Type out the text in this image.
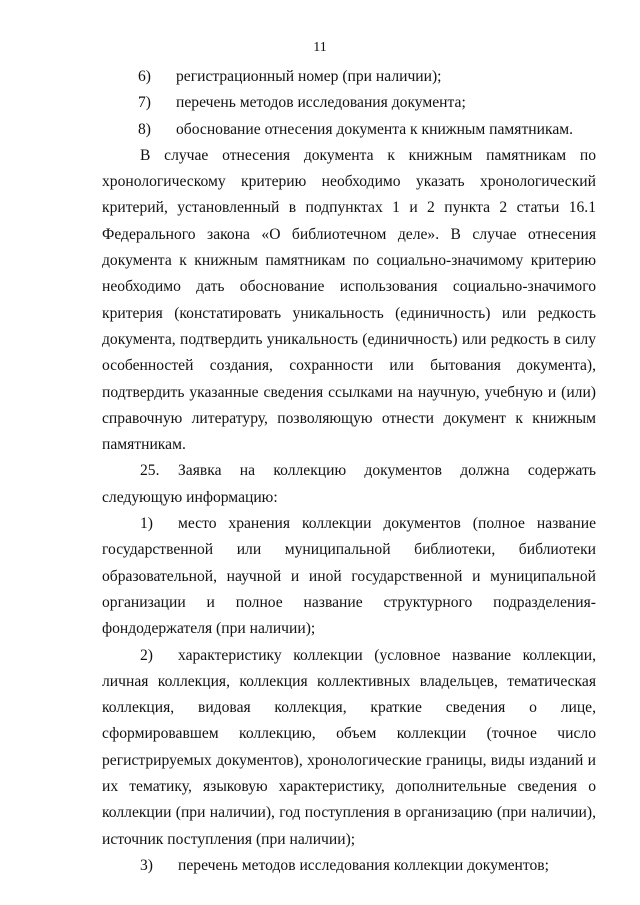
11

6) регистрационный номер (при наличии);

7) перечень методов исследования документа;

8) обоснование отнесения документа к книжным памятникам.

В случае отнесения документа к книжным памятникам по хронологическому критерию необходимо указать хронологический критерий, установленный в подпунктах 1 и 2 пункта 2 статьи 16.1 Федерального закона «О библиотечном деле». В случае отнесения документа к книжным памятникам по социально-значимому критерию необходимо дать обоснование использования социально-значимого критерия (констатировать уникальность (единичность) или редкость документа, подтвердить уникальность (единичность) или редкость в силу особенностей создания, сохранности или бытования документа), подтвердить указанные сведения ссылками на научную, учебную и (или) справочную литературу, позволяющую отнести документ к книжным памятникам.

25. Заявка на коллекцию документов должна содержать следующую информацию:

1) место хранения коллекции документов (полное название государственной или муниципальной библиотеки, библиотеки образовательной, научной и иной государственной и муниципальной организации и полное название структурного подразделения-фондодержателя (при наличии);

2) характеристику коллекции (условное название коллекции, личная коллекция, коллекция коллективных владельцев, тематическая коллекция, видовая коллекция, краткие сведения о лице, сформировавшем коллекцию, объем коллекции (точное число регистрируемых документов), хронологические границы, виды изданий и их тематику, языковую характеристику, дополнительные сведения о коллекции (при наличии), год поступления в организацию (при наличии), источник поступления (при наличии);

3) перечень методов исследования коллекции документов;
